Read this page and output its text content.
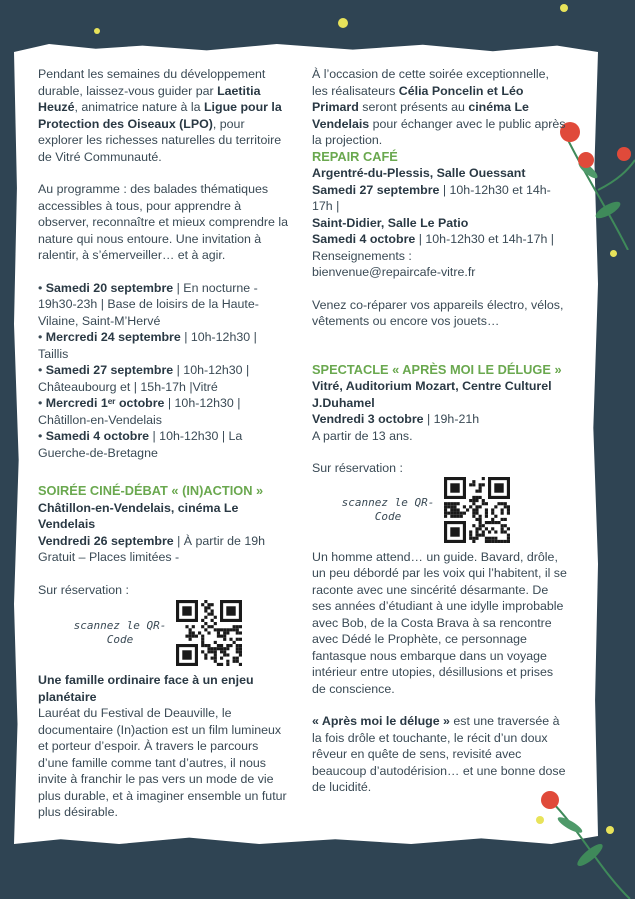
Pendant les semaines du développement durable, laissez-vous guider par Laetitia Heuzé, animatrice nature à la Ligue pour la Protection des Oiseaux (LPO), pour explorer les richesses naturelles du territoire de Vitré Communauté.

Au programme : des balades thématiques accessibles à tous, pour apprendre à observer, reconnaître et mieux comprendre la nature qui nous entoure. Une invitation à ralentir, à s’émerveiller… et à agir.

• Samedi 20 septembre | En nocturne - 19h30-23h | Base de loisirs de la Haute-Vilaine, Saint-M’Hervé

• Mercredi 24 septembre | 10h-12h30 | Taillis

• Samedi 27 septembre | 10h-12h30 | Châteaubourg et | 15h-17h |Vitré

• Mercredi 1ᵉʳ octobre | 10h-12h30 | Châtillon-en-Vendelais

• Samedi 4 octobre | 10h-12h30 | La Guerche-de-Bretagne

SOIRÉE CINÉ-DÉBAT « (IN)ACTION »

Châtillon-en-Vendelais, cinéma Le Vendelais

Vendredi 26 septembre | À partir de 19h

Gratuit – Places limitées -

Sur réservation :

scannez le QR-Code

Une famille ordinaire face à un enjeu planétaire

Lauréat du Festival de Deauville, le documentaire (In)action est un film lumineux et porteur d’espoir. À travers le parcours d’une famille comme tant d’autres, il nous invite à franchir le pas vers un mode de vie plus durable, et à imaginer ensemble un futur plus désirable.

À l’occasion de cette soirée exceptionnelle, les réalisateurs Célia Poncelin et Léo Primard seront présents au cinéma Le Vendelais pour échanger avec le public après la projection.

REPAIR CAFÉ

Argentré-du-Plessis, Salle Ouessant

Samedi 27 septembre | 10h-12h30 et 14h-17h |

Saint-Didier, Salle Le Patio

Samedi 4 octobre | 10h-12h30 et 14h-17h |

Renseignements :

bienvenue@repaircafe-vitre.fr

Venez co-réparer vos appareils électro, vélos, vêtements ou encore vos jouets…

SPECTACLE « APRÈS MOI LE DÉLUGE »

Vitré, Auditorium Mozart, Centre Culturel J.Duhamel

Vendredi 3 octobre | 19h-21h

A partir de 13 ans.

Sur réservation :

scannez le QR-Code

Un homme attend… un guide. Bavard, drôle, un peu débordé par les voix qui l’habitent, il se raconte avec une sincérité désarmante. De ses années d’étudiant à une idylle improbable avec Bob, de la Costa Brava à sa rencontre avec Dédé le Prophète, ce personnage fantasque nous embarque dans un voyage intérieur entre utopies, désillusions et prises de conscience.

« Après moi le déluge » est une traversée à la fois drôle et touchante, le récit d’un doux rêveur en quête de sens, revisité avec beaucoup d’autodérision… et une bonne dose de lucidité.
